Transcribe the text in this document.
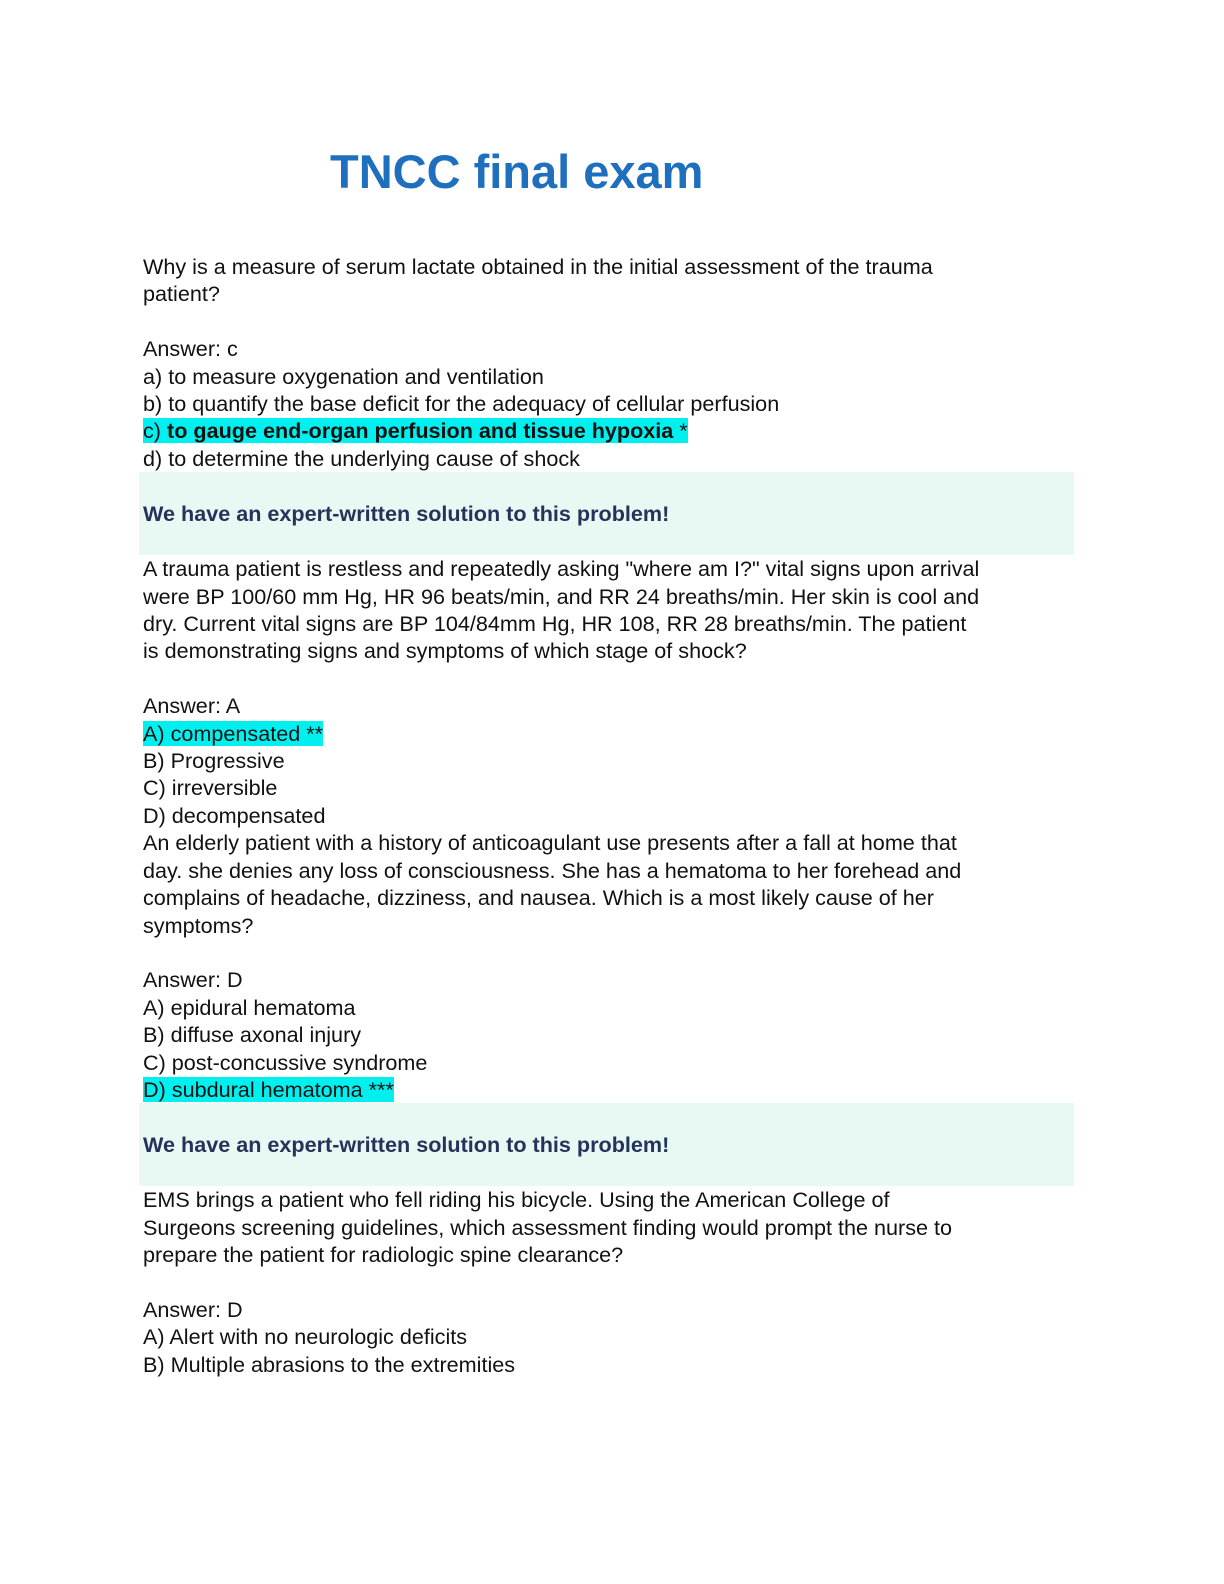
TNCC final exam
Why is a measure of serum lactate obtained in the initial assessment of the trauma
patient?
Answer: c
a) to measure oxygenation and ventilation
b) to quantify the base deficit for the adequacy of cellular perfusion
c) to gauge end-organ perfusion and tissue hypoxia *
d) to determine the underlying cause of shock
We have an expert-written solution to this problem!
A trauma patient is restless and repeatedly asking "where am I?" vital signs upon arrival
were BP 100/60 mm Hg, HR 96 beats/min, and RR 24 breaths/min. Her skin is cool and
dry. Current vital signs are BP 104/84mm Hg, HR 108, RR 28 breaths/min. The patient
is demonstrating signs and symptoms of which stage of shock?
Answer: A
A) compensated **
B) Progressive
C) irreversible
D) decompensated
An elderly patient with a history of anticoagulant use presents after a fall at home that
day. she denies any loss of consciousness. She has a hematoma to her forehead and
complains of headache, dizziness, and nausea. Which is a most likely cause of her
symptoms?
Answer: D
A) epidural hematoma
B) diffuse axonal injury
C) post-concussive syndrome
D) subdural hematoma ***
We have an expert-written solution to this problem!
EMS brings a patient who fell riding his bicycle. Using the American College of
Surgeons screening guidelines, which assessment finding would prompt the nurse to
prepare the patient for radiologic spine clearance?
Answer: D
A) Alert with no neurologic deficits
B) Multiple abrasions to the extremities
